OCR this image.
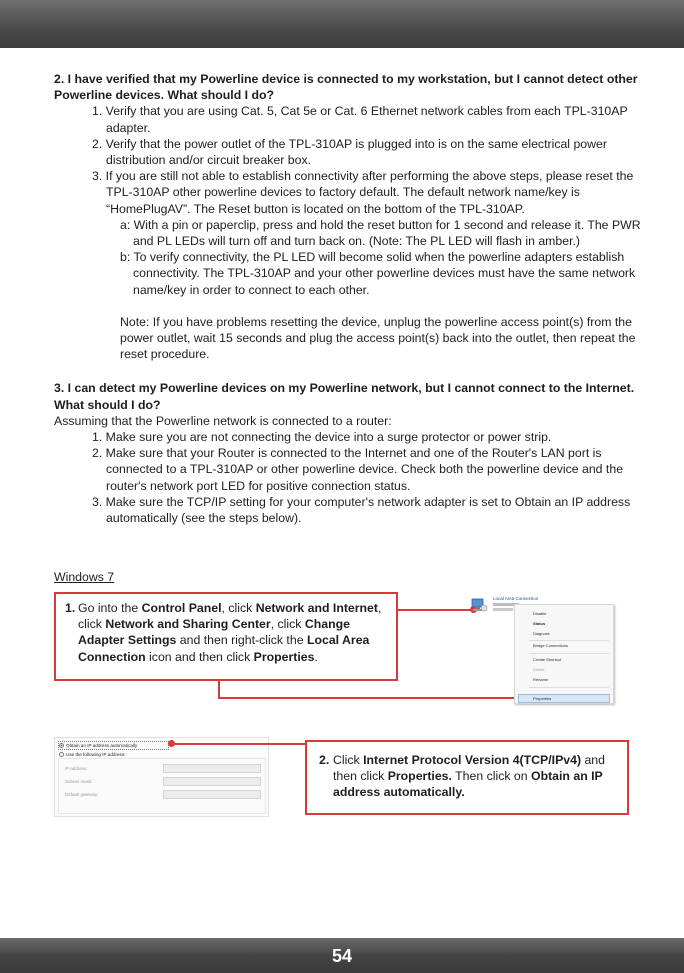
2. I have verified that my Powerline device is connected to my workstation, but I cannot detect other Powerline devices. What should I do?
1. Verify that you are using Cat. 5, Cat 5e or Cat. 6 Ethernet network cables from each TPL-310AP adapter.
2. Verify that the power outlet of the TPL-310AP is plugged into is on the same electrical power distribution and/or circuit breaker box.
3. If you are still not able to establish connectivity after performing the above steps, please reset the TPL-310AP other powerline devices to factory default. The default network name/key is “HomePlugAV”. The Reset button is located on the bottom of the TPL-310AP.
a: With a pin or paperclip, press and hold the reset button for 1 second and release it. The PWR and PL LEDs will turn off and turn back on. (Note: The PL LED will flash in amber.)
b: To verify connectivity, the PL LED will become solid when the powerline adapters establish connectivity. The TPL-310AP and your other powerline devices must have the same network name/key in order to connect to each other.
Note: If you have problems resetting the device, unplug the powerline access point(s) from the power outlet, wait 15 seconds and plug the access point(s) back into the outlet, then repeat the reset procedure.
3. I can detect my Powerline devices on my Powerline network, but I cannot connect to the Internet. What should I do?
Assuming that the Powerline network is connected to a router:
1. Make sure you are not connecting the device into a surge protector or power strip.
2. Make sure that your Router is connected to the Internet and one of the Router's LAN port is connected to a TPL-310AP or other powerline device. Check both the powerline device and the router's network port LED for positive connection status.
3. Make sure the TCP/IP setting for your computer's network adapter is set to Obtain an IP address automatically (see the steps below).
Windows 7
1. Go into the Control Panel, click Network and Internet, click Network and Sharing Center, click Change Adapter Settings and then right-click the Local Area Connection icon and then click Properties.
Local Area Connection
Disable
Status
Diagnose
Bridge Connections
Create Shortcut
Delete
Rename
Properties
Obtain an IP address automatically
Use the following IP address:
IP address:
Subnet mask:
Default gateway:
2. Click Internet Protocol Version 4(TCP/IPv4) and then click Properties. Then click on Obtain an IP address automatically.
54
